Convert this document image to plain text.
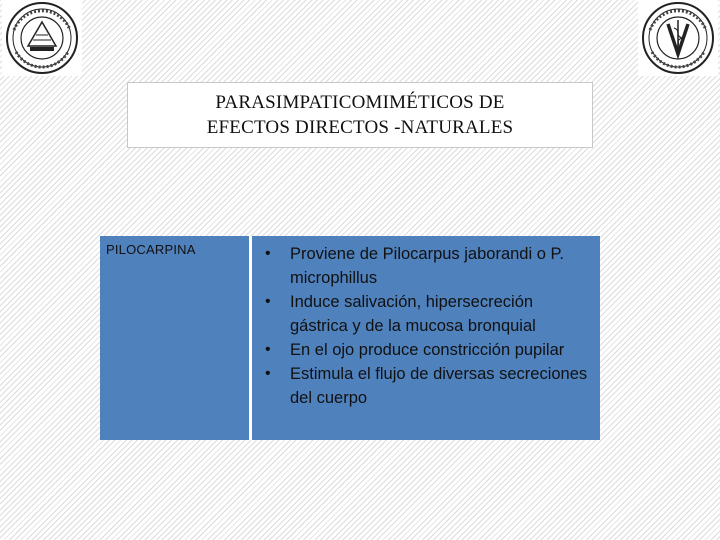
PARASIMPATICOMIMÉTICOS DE
EFECTOS DIRECTOS -NATURALES
PILOCARPINA	• Proviene de Pilocarpus jaborandi o P. microphillus
• Induce salivación, hipersecreción gástrica y de la mucosa bronquial
• En el ojo produce constricción pupilar
• Estimula el flujo de diversas secreciones del cuerpo
